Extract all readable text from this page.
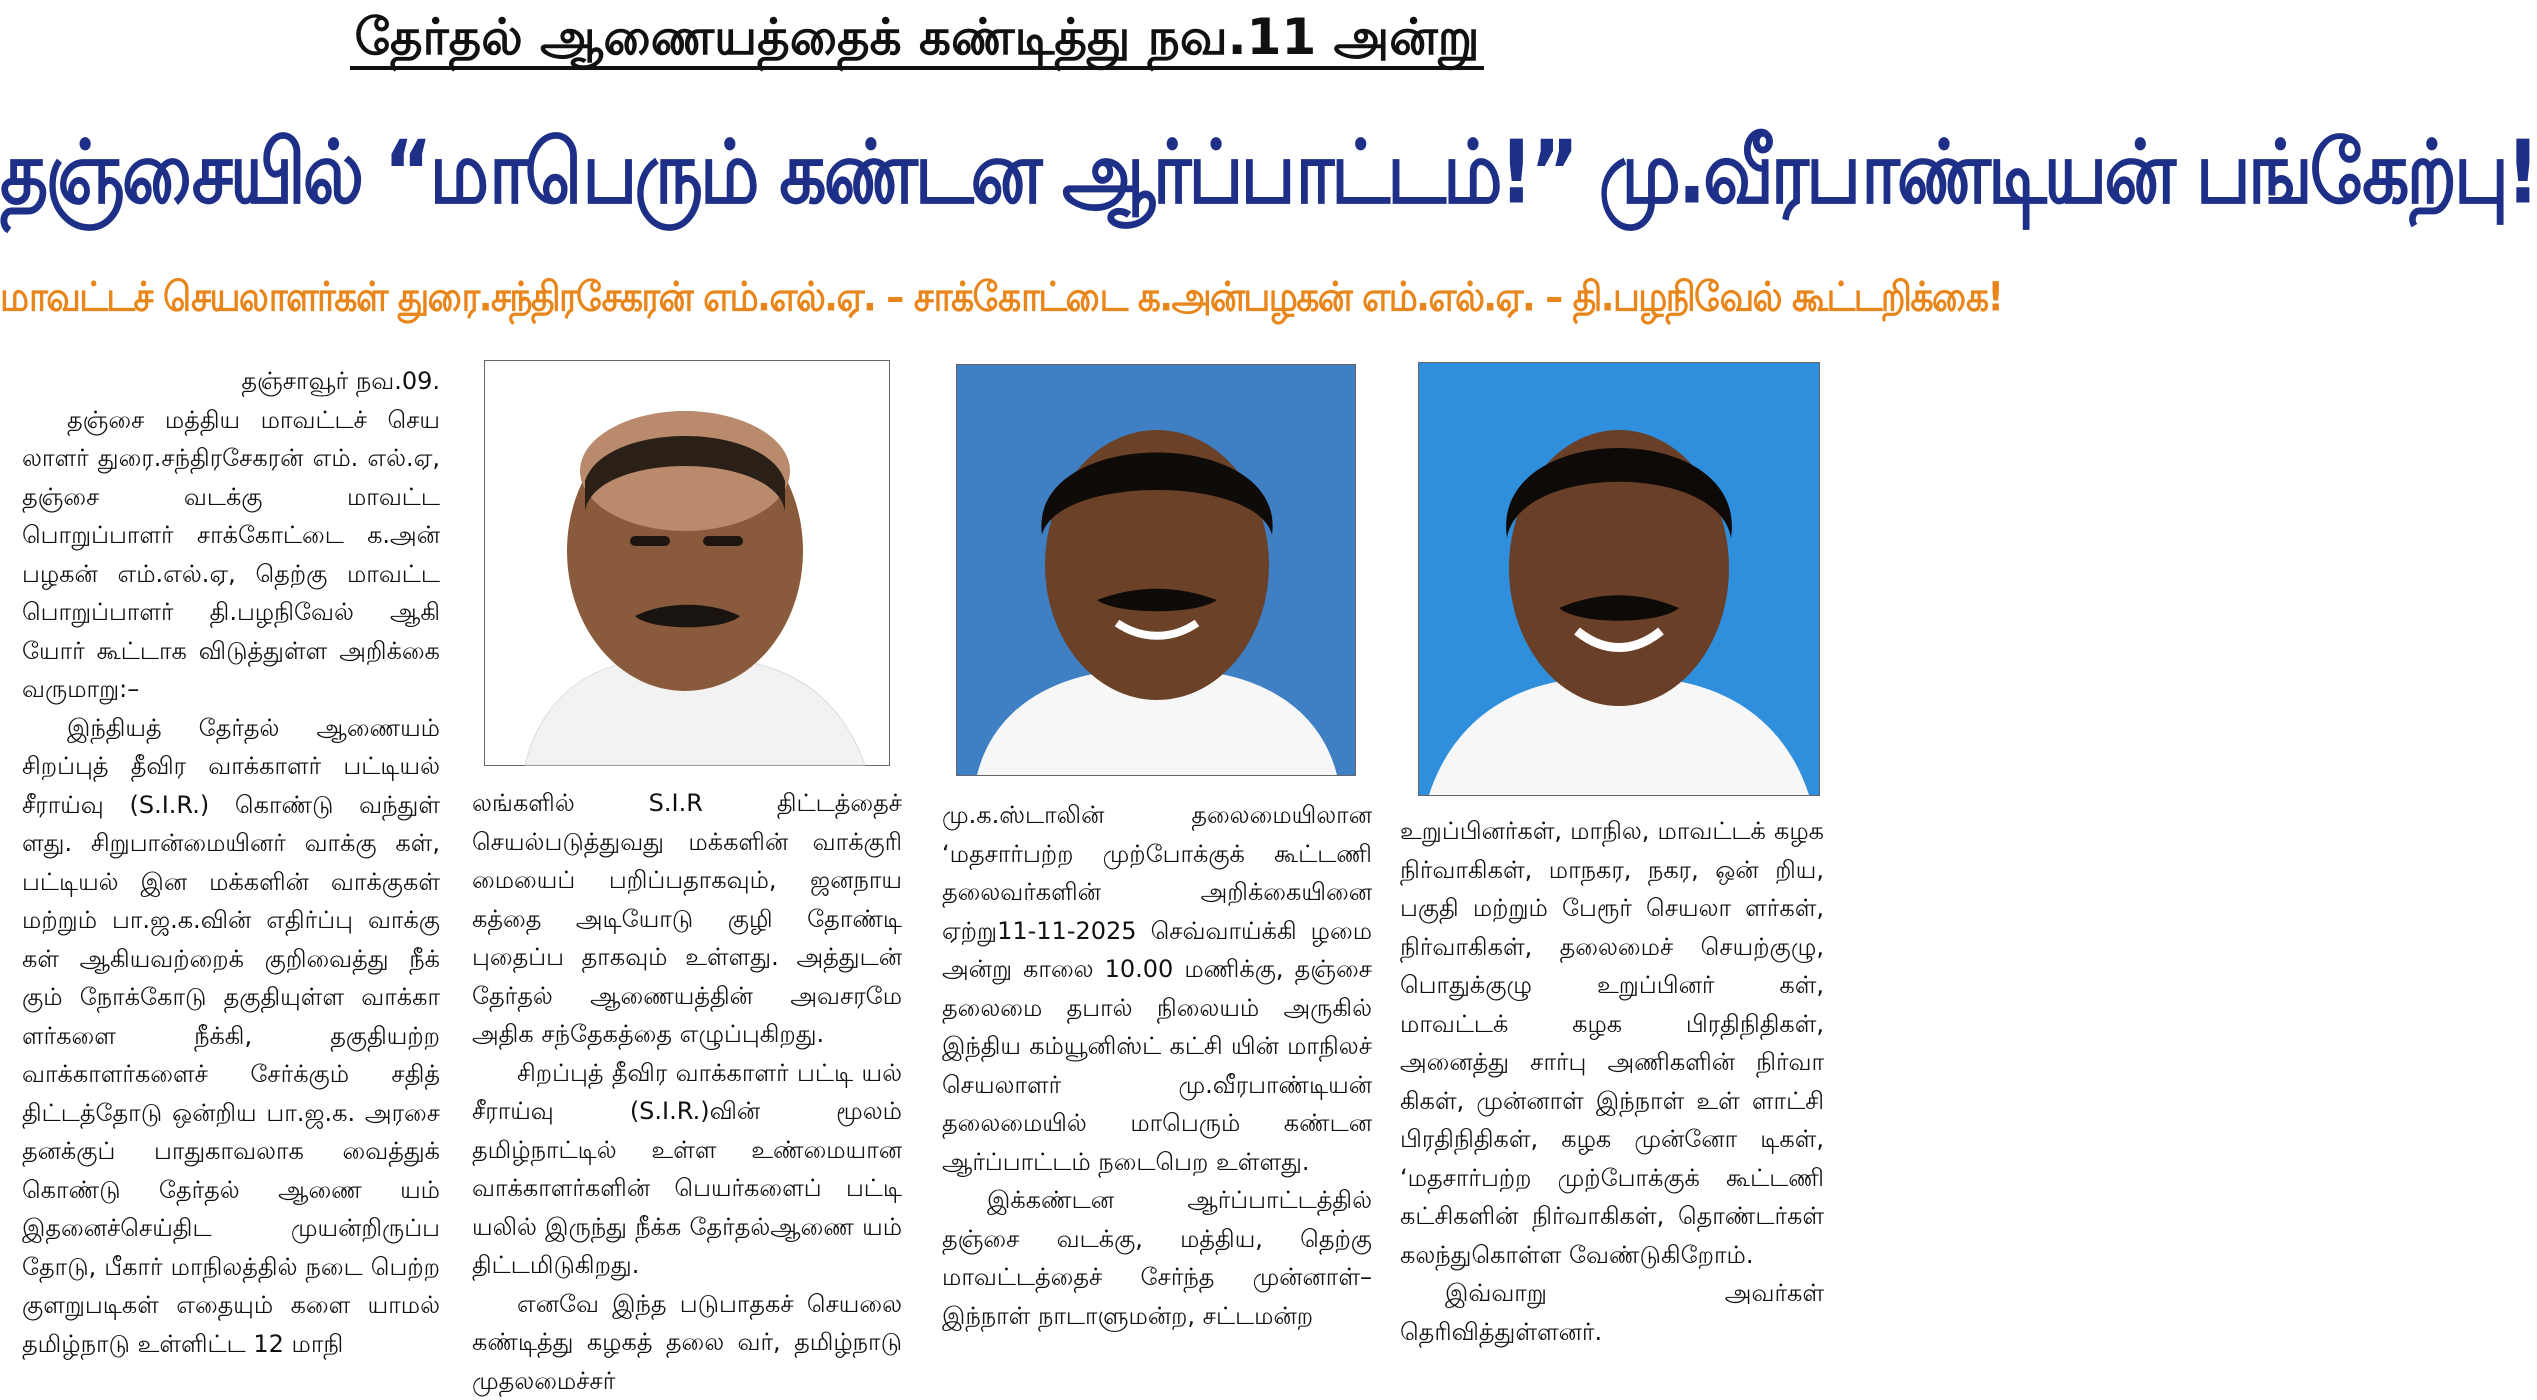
தேர்தல் ஆணையத்தைக் கண்டித்து நவ.11 அன்று
தஞ்சையில் “மாபெரும் கண்டன ஆர்ப்பாட்டம்!” மு.வீரபாண்டியன் பங்கேற்பு!
மாவட்டச் செயலாளர்கள் துரை.சந்திரசேகரன் எம்.எல்.ஏ. – சாக்கோட்டை க.அன்பழகன் எம்.எல்.ஏ. – தி.பழநிவேல் கூட்டறிக்கை!

தஞ்சாவூர் நவ.09.

தஞ்சை மத்திய மாவட்டச் செய லாளர் துரை.சந்திரசேகரன் எம். எல்.ஏ, தஞ்சை வடக்கு மாவட்ட பொறுப்பாளர் சாக்கோட்டை க.அன் பழகன் எம்.எல்.ஏ, தெற்கு மாவட்ட பொறுப்பாளர் தி.பழநிவேல் ஆகி யோர் கூட்டாக விடுத்துள்ள அறிக்கை வருமாறு:–

இந்தியத் தேர்தல் ஆணையம் சிறப்புத் தீவிர வாக்காளர் பட்டியல் சீராய்வு (S.I.R.) கொண்டு வந்துள் ளது. சிறுபான்மையினர் வாக்கு கள், பட்டியல் இன மக்களின் வாக்குகள் மற்றும் பா.ஜ.க.வின் எதிர்ப்பு வாக்கு கள் ஆகியவற்றைக் குறிவைத்து நீக் கும் நோக்கோடு தகுதியுள்ள வாக்கா ளர்களை நீக்கி, தகுதியற்ற வாக்காளர்களைச் சேர்க்கும் சதித் திட்டத்தோடு ஒன்றிய பா.ஜ.க. அரசை தனக்குப் பாதுகாவலாக வைத்துக் கொண்டு தேர்தல் ஆணை யம் இதனைச்செய்திட முயன்றிருப்ப தோடு, பீகார் மாநிலத்தில் நடை பெற்ற குளறுபடிகள் எதையும் களை யாமல் தமிழ்நாடு உள்ளிட்ட 12 மாநி

லங்களில் S.I.R திட்டத்தைச் செயல்படுத்துவது மக்களின் வாக்குரி மையைப் பறிப்பதாகவும், ஜனநாய கத்தை அடியோடு குழி தோண்டி புதைப்ப தாகவும் உள்ளது. அத்துடன் தேர்தல் ஆணையத்தின் அவசரமே அதிக சந்தேகத்தை எழுப்புகிறது.

சிறப்புத் தீவிர வாக்காளர் பட்டி யல் சீராய்வு (S.I.R.)வின் மூலம் தமிழ்நாட்டில் உள்ள உண்மையான வாக்காளர்களின் பெயர்களைப் பட்டி யலில் இருந்து நீக்க தேர்தல்ஆணை யம் திட்டமிடுகிறது.

எனவே இந்த படுபாதகச் செயலை கண்டித்து கழகத் தலை வர், தமிழ்நாடு முதலமைச்சர்

மு.க.ஸ்டாலின் தலைமையிலான ‘மதசார்பற்ற முற்போக்குக் கூட்டணி தலைவர்களின் அறிக்கையினை ஏற்று11-11-2025 செவ்வாய்க்கி ழமை அன்று காலை 10.00 மணிக்கு, தஞ்சை தலைமை தபால் நிலையம் அருகில் இந்திய கம்யூனிஸ்ட் கட்சி யின் மாநிலச் செயலாளர் மு.வீரபாண்டியன் தலைமையில் மாபெரும் கண்டன ஆர்ப்பாட்டம் நடைபெற உள்ளது.

இக்கண்டன ஆர்ப்பாட்டத்தில் தஞ்சை வடக்கு, மத்திய, தெற்கு மாவட்டத்தைச் சேர்ந்த முன்னாள்– இந்நாள் நாடாளுமன்ற, சட்டமன்ற

உறுப்பினர்கள், மாநில, மாவட்டக் கழக நிர்வாகிகள், மாநகர, நகர, ஒன் றிய, பகுதி மற்றும் பேரூர் செயலா ளர்கள், நிர்வாகிகள், தலைமைச் செயற்குழு, பொதுக்குழு உறுப்பினர் கள், மாவட்டக் கழக பிரதிநிதிகள், அனைத்து சார்பு அணிகளின் நிர்வா கிகள், முன்னாள் இந்நாள் உள் ளாட்சி பிரதிநிதிகள், கழக முன்னோ டிகள், ‘மதசார்பற்ற முற்போக்குக் கூட்டணி கட்சிகளின் நிர்வாகிகள், தொண்டர்கள் கலந்துகொள்ள வேண்டுகிறோம்.

இவ்வாறு அவர்கள் தெரிவித்துள்ளனர்.
